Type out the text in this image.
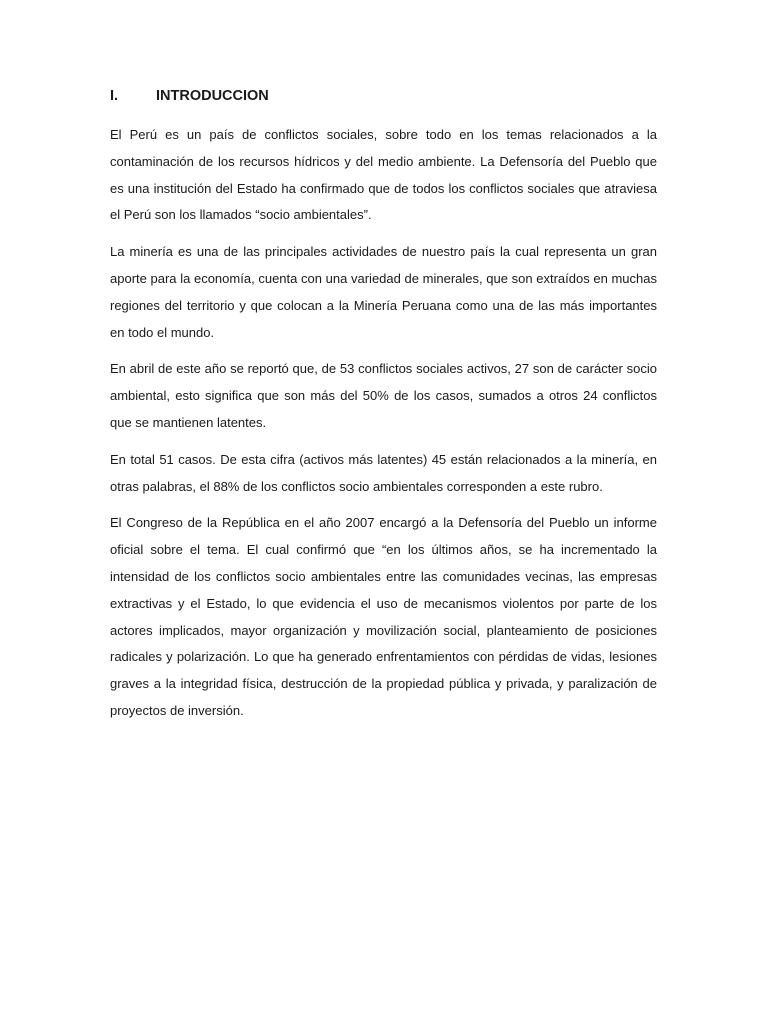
I.	INTRODUCCION

El Perú es un país de conflictos sociales, sobre todo en los temas relacionados a la contaminación de los recursos hídricos y del medio ambiente. La Defensoría del Pueblo que es una institución del Estado ha confirmado que de todos los conflictos sociales que atraviesa el Perú son los llamados “socio ambientales”.

La minería es una de las principales actividades de nuestro país la cual representa un gran aporte para la economía, cuenta con una variedad de minerales, que son extraídos en muchas regiones del territorio y que colocan a la Minería Peruana como una de las más importantes en todo el mundo.

En abril de este año se reportó que, de 53 conflictos sociales activos, 27 son de carácter socio ambiental, esto significa que son más del 50% de los casos, sumados a otros 24 conflictos que se mantienen latentes.

En total 51 casos. De esta cifra (activos más latentes) 45 están relacionados a la minería, en otras palabras, el 88% de los conflictos socio ambientales corresponden a este rubro.

El Congreso de la República en el año 2007 encargó a la Defensoría del Pueblo un informe oficial sobre el tema. El cual confirmó que “en los últimos años, se ha incrementado la intensidad de los conflictos socio ambientales entre las comunidades vecinas, las empresas extractivas y el Estado, lo que evidencia el uso de mecanismos violentos por parte de los actores implicados, mayor organización y movilización social, planteamiento de posiciones radicales y polarización. Lo que ha generado enfrentamientos con pérdidas de vidas, lesiones graves a la integridad física, destrucción de la propiedad pública y privada, y paralización de proyectos de inversión.
